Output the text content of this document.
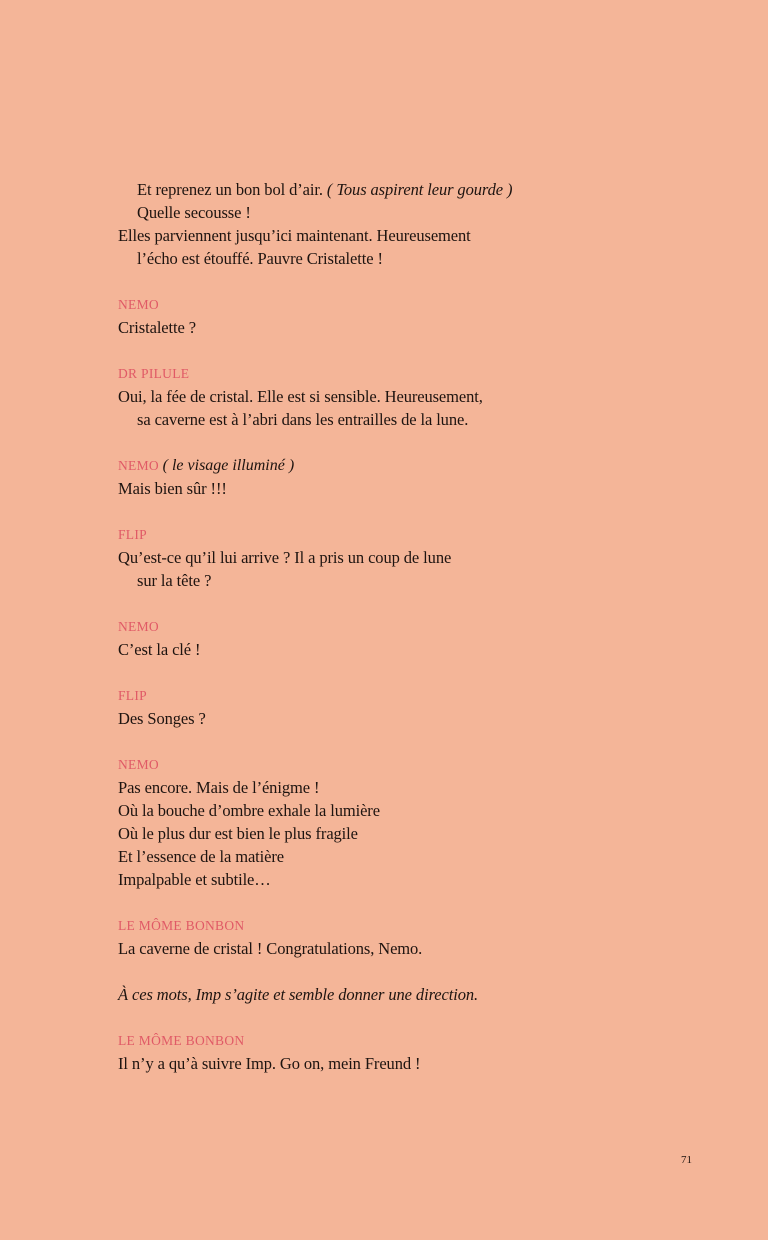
Et reprenez un bon bol d’air. ( Tous aspirent leur gourde )
Quelle secousse !
Elles parviennent jusqu’ici maintenant. Heureusement
l’écho est étouffé. Pauvre Cristalette !
NEMO
Cristalette ?
DR PILULE
Oui, la fée de cristal. Elle est si sensible. Heureusement,
sa caverne est à l’abri dans les entrailles de la lune.
NEMO ( le visage illuminé )
Mais bien sûr !!!
FLIP
Qu’est-ce qu’il lui arrive ? Il a pris un coup de lune
sur la tête ?
NEMO
C’est la clé !
FLIP
Des Songes ?
NEMO
Pas encore. Mais de l’énigme !
Où la bouche d’ombre exhale la lumière
Où le plus dur est bien le plus fragile
Et l’essence de la matière
Impalpable et subtile…
LE MÔME BONBON
La caverne de cristal ! Congratulations, Nemo.
À ces mots, Imp s’agite et semble donner une direction.
LE MÔME BONBON
Il n’y a qu’à suivre Imp. Go on, mein Freund !
71
